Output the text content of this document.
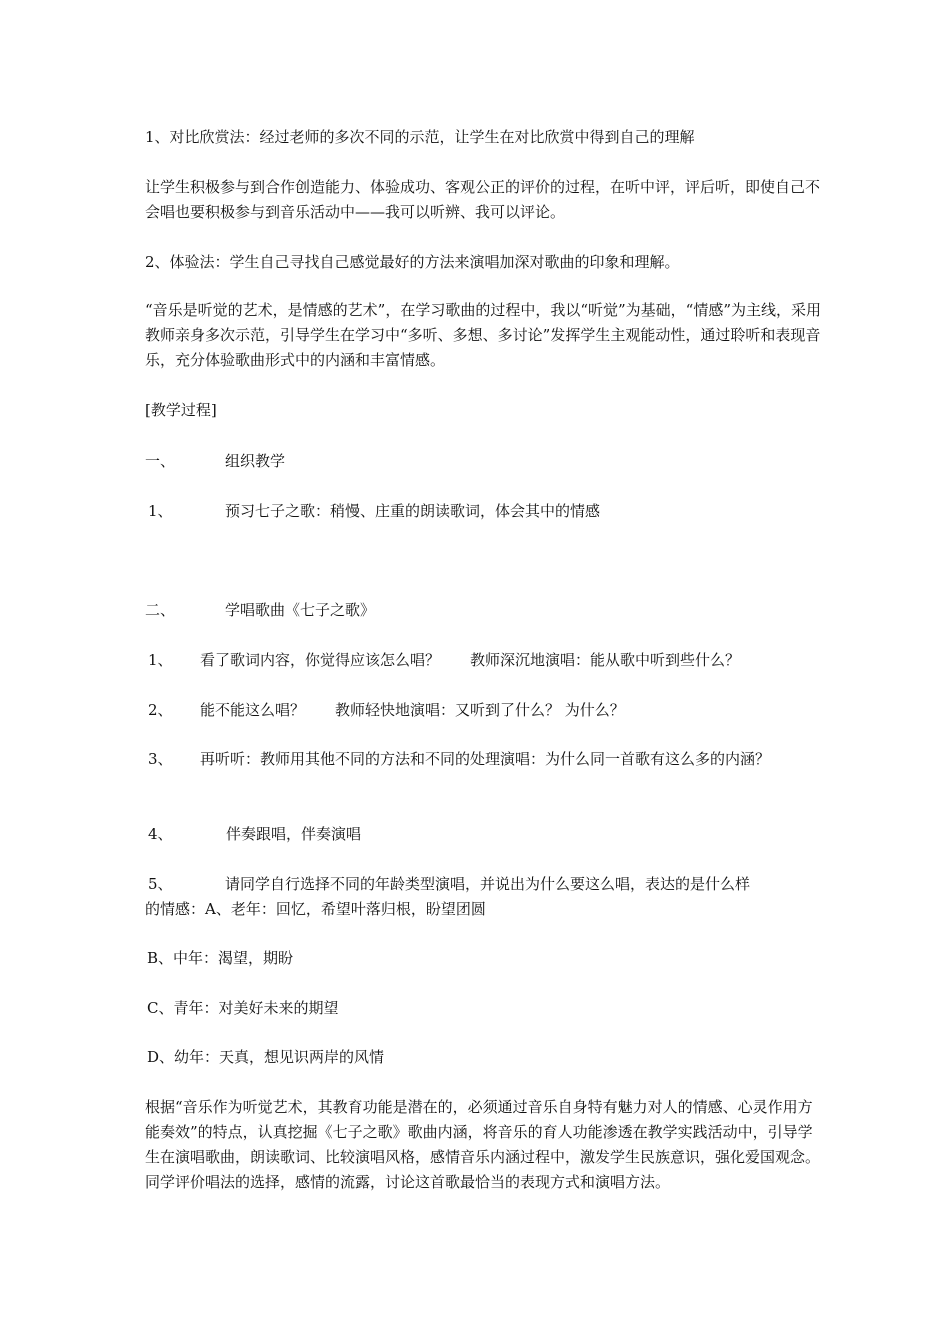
1、对比欣赏法：经过老师的多次不同的示范，让学生在对比欣赏中得到自己的理解

让学生积极参与到合作创造能力、体验成功、客观公正的评价的过程，在听中评，评后听，即使自己不会唱也要积极参与到音乐活动中——我可以听辨、我可以评论。

2、体验法：学生自己寻找自己感觉最好的方法来演唱加深对歌曲的印象和理解。

“音乐是听觉的艺术，是情感的艺术”，在学习歌曲的过程中，我以“听觉”为基础，“情感”为主线，采用教师亲身多次示范，引导学生在学习中“多听、多想、多讨论”发挥学生主观能动性，通过聆听和表现音乐，充分体验歌曲形式中的内涵和丰富情感。

[教学过程]
一、	组织教学
1、	预习七子之歌：稍慢、庄重的朗读歌词，体会其中的情感
二、	学唱歌曲《七子之歌》
1、 看了歌词内容，你觉得应该怎么唱？　　教师深沉地演唱：能从歌中听到些什么？
2、 能不能这么唱？　　教师轻快地演唱：又听到了什么？ 为什么？
3、 再听听：教师用其他不同的方法和不同的处理演唱：为什么同一首歌有这么多的内涵？
4、	伴奏跟唱，伴奏演唱
5、	请同学自行选择不同的年龄类型演唱，并说出为什么要这么唱，表达的是什么样
的情感：A、老年：回忆，希望叶落归根，盼望团圆
B、中年：渴望，期盼
C、青年：对美好未来的期望
D、幼年：天真，想见识两岸的风情

根据“音乐作为听觉艺术，其教育功能是潜在的，必须通过音乐自身特有魅力对人的情感、心灵作用方能奏效”的特点，认真挖掘《七子之歌》歌曲内涵，将音乐的育人功能渗透在教学实践活动中，引导学生在演唱歌曲，朗读歌词、比较演唱风格，感情音乐内涵过程中，激发学生民族意识，强化爱国观念。同学评价唱法的选择，感情的流露，讨论这首歌最恰当的表现方式和演唱方法。
